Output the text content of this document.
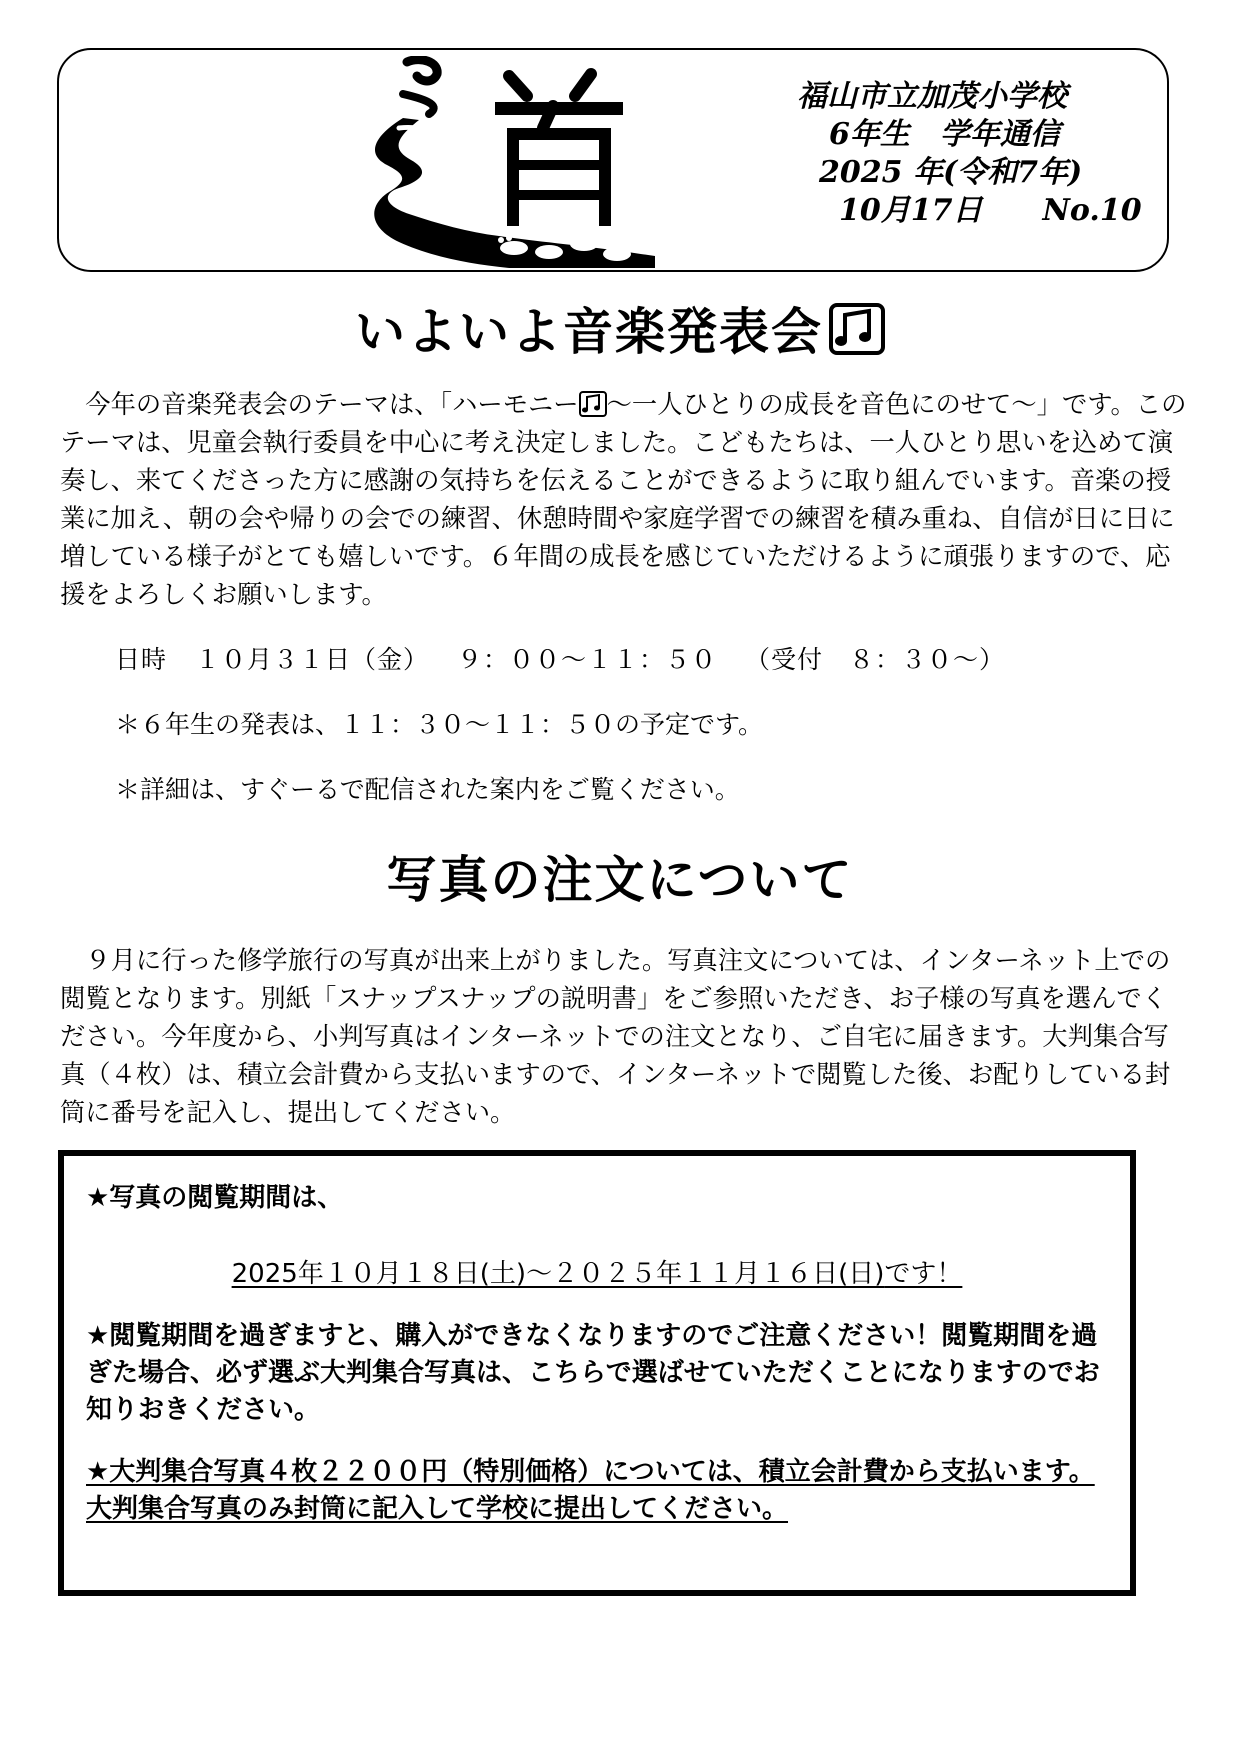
福山市立加茂小学校
6年生　学年通信
2025 年(令和7年)
10月17日 No.10
いよいよ音楽発表会

　今年の音楽発表会のテーマは、「ハーモニー ～一人ひとりの成長を音色にのせて～」です。このテーマは、児童会執行委員を中心に考え決定しました。こどもたちは、一人ひとり思いを込めて演奏し、来てくださった方に感謝の気持ちを伝えることができるように取り組んでいます。音楽の授業に加え、朝の会や帰りの会での練習、休憩時間や家庭学習での練習を積み重ね、自信が日に日に増している様子がとても嬉しいです。６年間の成長を感じていただけるように頑張りますので、応援をよろしくお願いします。

日時 １０月３１日（金） ９：００～１１：５０ （受付　８：３０～）
＊６年生の発表は、１１：３０～１１：５０の予定です。
＊詳細は、すぐーるで配信された案内をご覧ください。
写真の注文について

　９月に行った修学旅行の写真が出来上がりました。写真注文については、インターネット上での閲覧となります。別紙「スナップスナップの説明書」をご参照いただき、お子様の写真を選んでください。今年度から、小判写真はインターネットでの注文となり、ご自宅に届きます。大判集合写真（４枚）は、積立会計費から支払いますので、インターネットで閲覧した後、お配りしている封筒に番号を記入し、提出してください。

★写真の閲覧期間は、

2025年１０月１８日(土)～２０２５年１１月１６日(日)です！

★閲覧期間を過ぎますと、購入ができなくなりますのでご注意ください！閲覧期間を過ぎた場合、必ず選ぶ大判集合写真は、こちらで選ばせていただくことになりますのでお知りおきください。

★大判集合写真４枚２２００円（特別価格）については、積立会計費から支払います。大判集合写真のみ封筒に記入して学校に提出してください。
